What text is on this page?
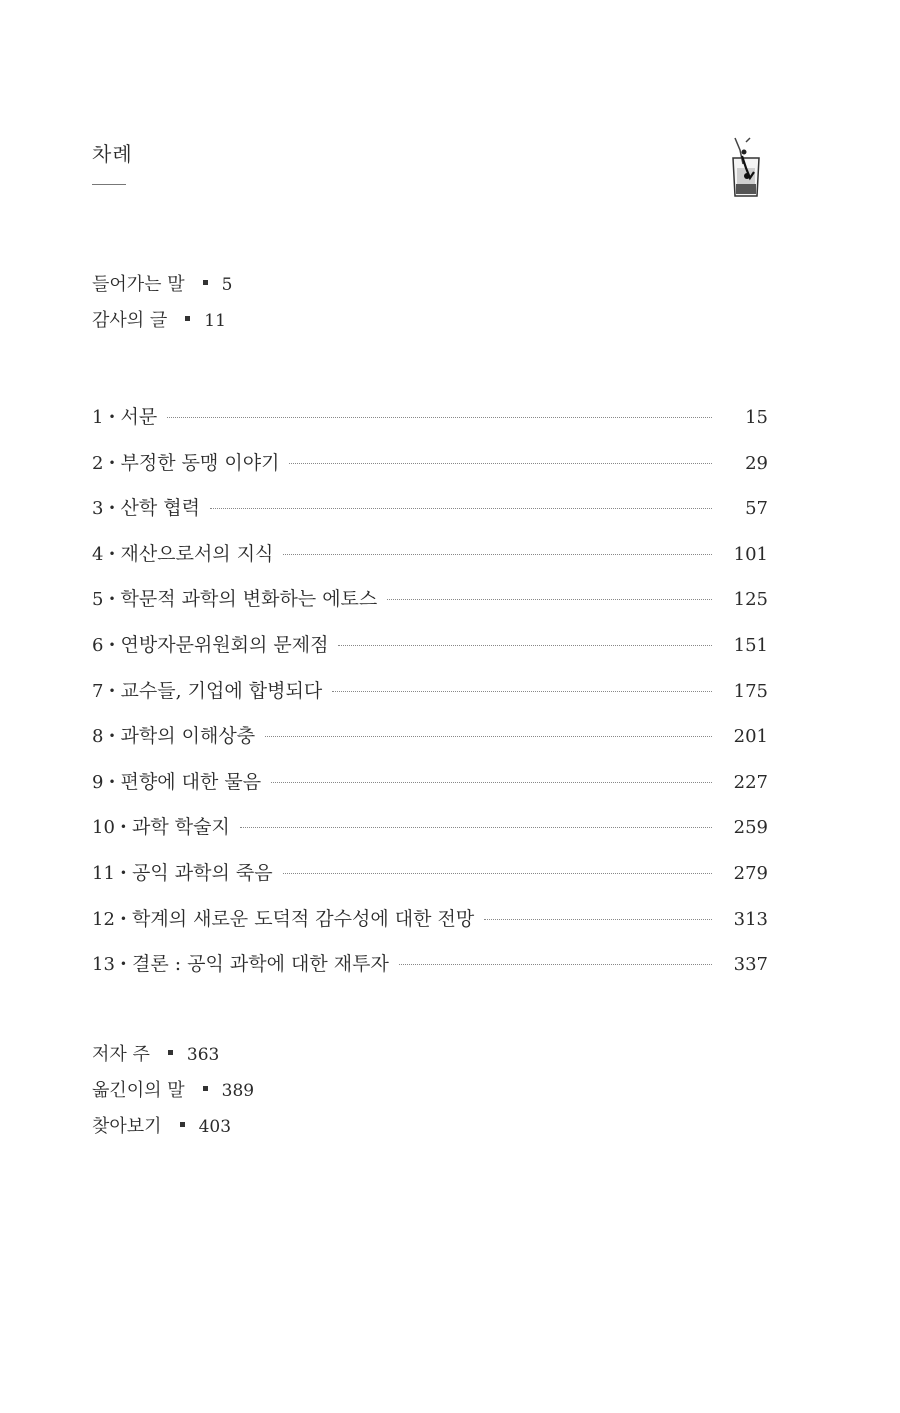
차례
들어가는 말 5
감사의 글 11
1 • 서문	15
2 • 부정한 동맹 이야기	29
3 • 산학 협력	57
4 • 재산으로서의 지식	101
5 • 학문적 과학의 변화하는 에토스	125
6 • 연방자문위원회의 문제점	151
7 • 교수들, 기업에 합병되다	175
8 • 과학의 이해상충	201
9 • 편향에 대한 물음	227
10 • 과학 학술지	259
11 • 공익 과학의 죽음	279
12 • 학계의 새로운 도덕적 감수성에 대한 전망	313
13 • 결론 : 공익 과학에 대한 재투자	337
저자 주 363
옮긴이의 말 389
찾아보기 403
